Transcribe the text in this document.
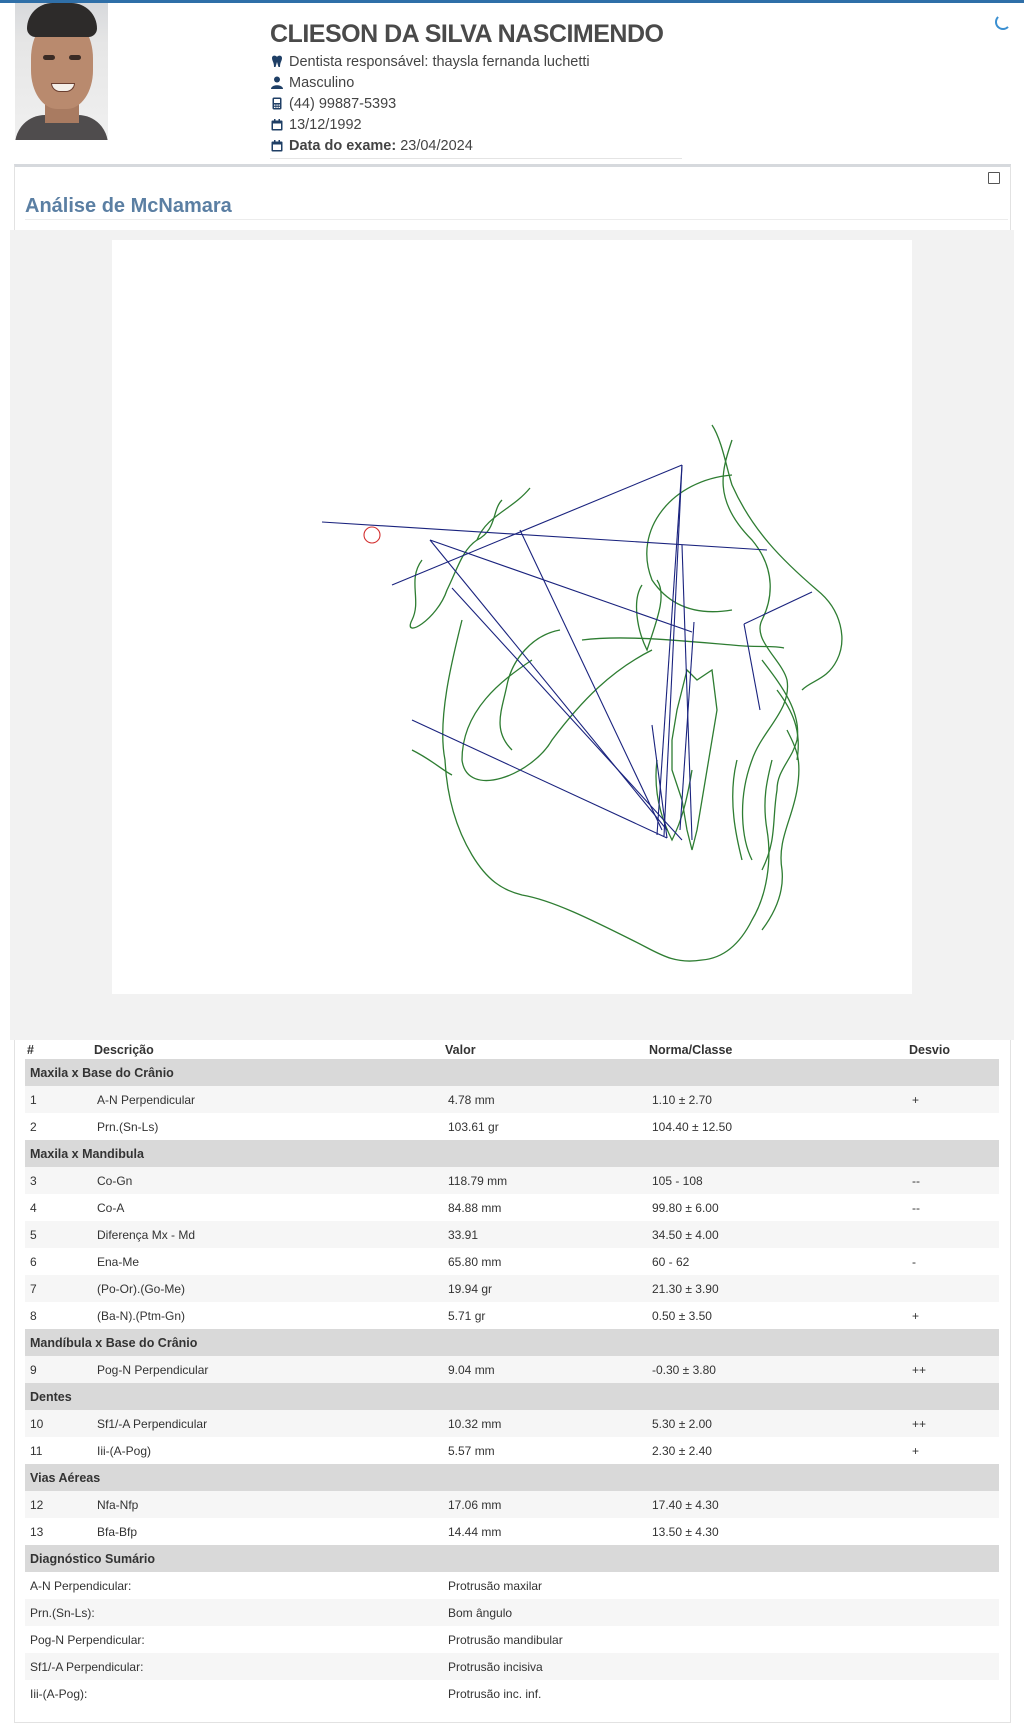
CLIESON DA SILVA NASCIMENDO
Dentista responsável: thaysla fernanda luchetti
Masculino
(44) 99887-5393
13/12/1992
Data do exame: 23/04/2024
Análise de McNamara
#	Descrição	Valor	Norma/Classe	Desvio
Maxila x Base do Crânio				
1	A-N Perpendicular	4.78 mm	1.10 ± 2.70	+
2	Prn.(Sn-Ls)	103.61 gr	104.40 ± 12.50	
Maxila x Mandibula				
3	Co-Gn	118.79 mm	105 - 108	--
4	Co-A	84.88 mm	99.80 ± 6.00	--
5	Diferença Mx - Md	33.91	34.50 ± 4.00	
6	Ena-Me	65.80 mm	60 - 62	-
7	(Po-Or).(Go-Me)	19.94 gr	21.30 ± 3.90	
8	(Ba-N).(Ptm-Gn)	5.71 gr	0.50 ± 3.50	+
Mandíbula x Base do Crânio				
9	Pog-N Perpendicular	9.04 mm	-0.30 ± 3.80	++
Dentes				
10	Sf1/-A Perpendicular	10.32 mm	5.30 ± 2.00	++
11	Iii-(A-Pog)	5.57 mm	2.30 ± 2.40	+
Vias Aéreas				
12	Nfa-Nfp	17.06 mm	17.40 ± 4.30	
13	Bfa-Bfp	14.44 mm	13.50 ± 4.30	
Diagnóstico Sumário				
A-N Perpendicular:		Protrusão maxilar		
Prn.(Sn-Ls):		Bom ângulo		
Pog-N Perpendicular:		Protrusão mandibular		
Sf1/-A Perpendicular:		Protrusão incisiva		
Iii-(A-Pog):		Protrusão inc. inf.		
